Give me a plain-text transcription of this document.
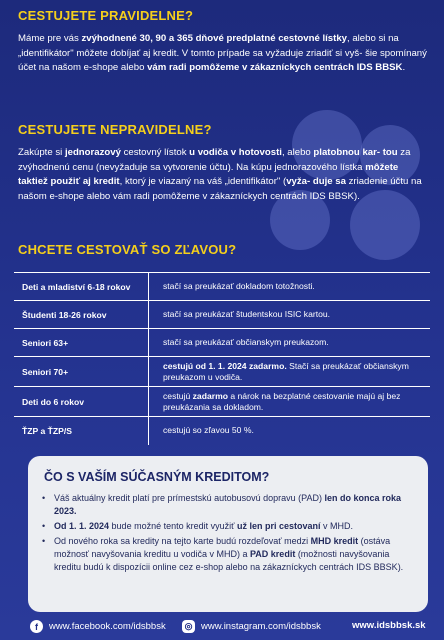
CESTUJETE PRAVIDELNE?
Máme pre vás zvýhodnené 30, 90 a 365 dňové predplatné cestovné lístky, alebo si na „identifikátor" môžete dobíjať aj kredit. V tomto prípade sa vyžaduje zriadiť si vyš- šie spomínaný účet na našom e-shope alebo vám radi pomôžeme v zákazníckych centrách IDS BBSK.
CESTUJETE NEPRAVIDELNE?
Zakúpte si jednorazový cestovný lístok u vodiča v hotovosti, alebo platobnou kar- tou za zvýhodnenú cenu (nevyžaduje sa vytvorenie účtu). Na kúpu jednorazového lístka môžete taktiež použiť aj kredit, ktorý je viazaný na váš „identifikátor" (vyža- duje sa zriadenie účtu na našom e-shope alebo vám radi pomôžeme v zákazníckych centrách IDS BBSK).
CHCETE CESTOVAŤ SO ZĽAVOU?
Deti a mladiství 6-18 rokov	stačí sa preukázať dokladom totožnosti.
Študenti 18-26 rokov	stačí sa preukázať študentskou ISIC kartou.
Seniori 63+	stačí sa preukázať občianskym preukazom.
Seniori 70+	cestujú od 1. 1. 2024 zadarmo. Stačí sa preukázať občianskym preukazom u vodiča.
Deti do 6 rokov	cestujú zadarmo a nárok na bezplatné cestovanie majú aj bez preukázania sa dokladom.
ŤZP a ŤZP/S	cestujú so zľavou 50 %.
ČO S VAŠÍM SÚČASNÝM KREDITOM?
• Váš aktuálny kredit platí pre prímestskú autobusovú dopravu (PAD) len do konca roka 2023.
• Od 1. 1. 2024 bude možné tento kredit využiť už len pri cestovaní v MHD.
• Od nového roka sa kredity na tejto karte budú rozdeľovať medzi MHD kredit (ostáva možnosť navyšovania kreditu u vodiča v MHD) a PAD kredit (možnosti navyšovania kreditu budú k dispozícii online cez e-shop alebo na zákazníckych centrách IDS BBSK).
f	www.facebook.com/idsbbsk ◎ www.instagram.com/idsbbsk	www.idsbbsk.sk
